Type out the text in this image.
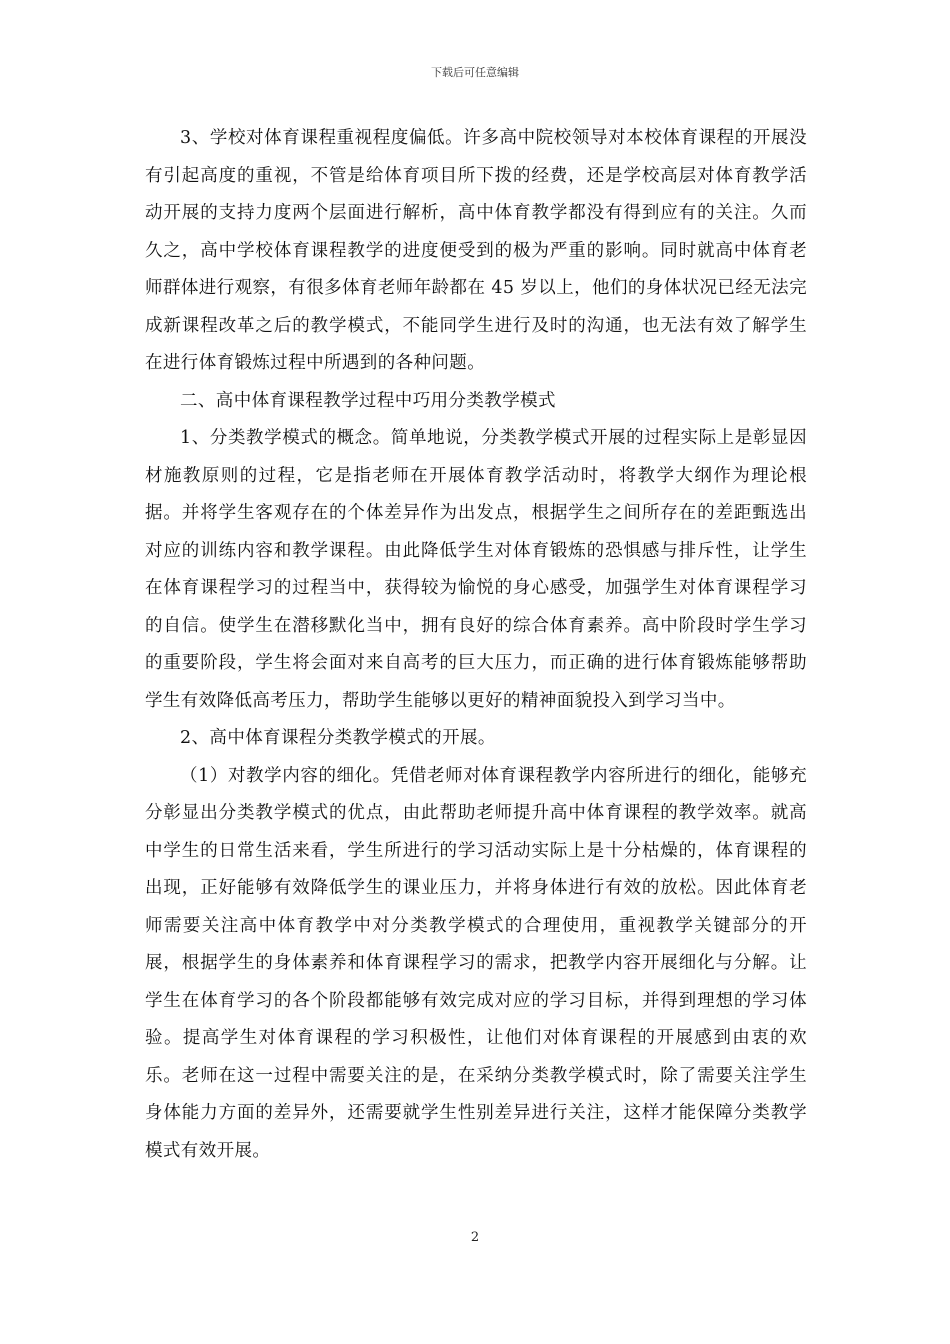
下载后可任意编辑

3、学校对体育课程重视程度偏低。许多高中院校领导对本校体育课程的开展没有引起高度的重视，不管是给体育项目所下拨的经费，还是学校高层对体育教学活动开展的支持力度两个层面进行解析，高中体育教学都没有得到应有的关注。久而久之，高中学校体育课程教学的进度便受到的极为严重的影响。同时就高中体育老师群体进行观察，有很多体育老师年龄都在 45 岁以上，他们的身体状况已经无法完成新课程改革之后的教学模式，不能同学生进行及时的沟通，也无法有效了解学生在进行体育锻炼过程中所遇到的各种问题。

二、高中体育课程教学过程中巧用分类教学模式

1、分类教学模式的概念。简单地说，分类教学模式开展的过程实际上是彰显因材施教原则的过程，它是指老师在开展体育教学活动时，将教学大纲作为理论根据。并将学生客观存在的个体差异作为出发点，根据学生之间所存在的差距甄选出对应的训练内容和教学课程。由此降低学生对体育锻炼的恐惧感与排斥性，让学生在体育课程学习的过程当中，获得较为愉悦的身心感受，加强学生对体育课程学习的自信。使学生在潜移默化当中，拥有良好的综合体育素养。高中阶段时学生学习的重要阶段，学生将会面对来自高考的巨大压力，而正确的进行体育锻炼能够帮助学生有效降低高考压力，帮助学生能够以更好的精神面貌投入到学习当中。

2、高中体育课程分类教学模式的开展。

（1）对教学内容的细化。凭借老师对体育课程教学内容所进行的细化，能够充分彰显出分类教学模式的优点，由此帮助老师提升高中体育课程的教学效率。就高中学生的日常生活来看，学生所进行的学习活动实际上是十分枯燥的，体育课程的出现，正好能够有效降低学生的课业压力，并将身体进行有效的放松。因此体育老师需要关注高中体育教学中对分类教学模式的合理使用，重视教学关键部分的开展，根据学生的身体素养和体育课程学习的需求，把教学内容开展细化与分解。让学生在体育学习的各个阶段都能够有效完成对应的学习目标，并得到理想的学习体验。提高学生对体育课程的学习积极性，让他们对体育课程的开展感到由衷的欢乐。老师在这一过程中需要关注的是，在采纳分类教学模式时，除了需要关注学生身体能力方面的差异外，还需要就学生性别差异进行关注，这样才能保障分类教学模式有效开展。

2
